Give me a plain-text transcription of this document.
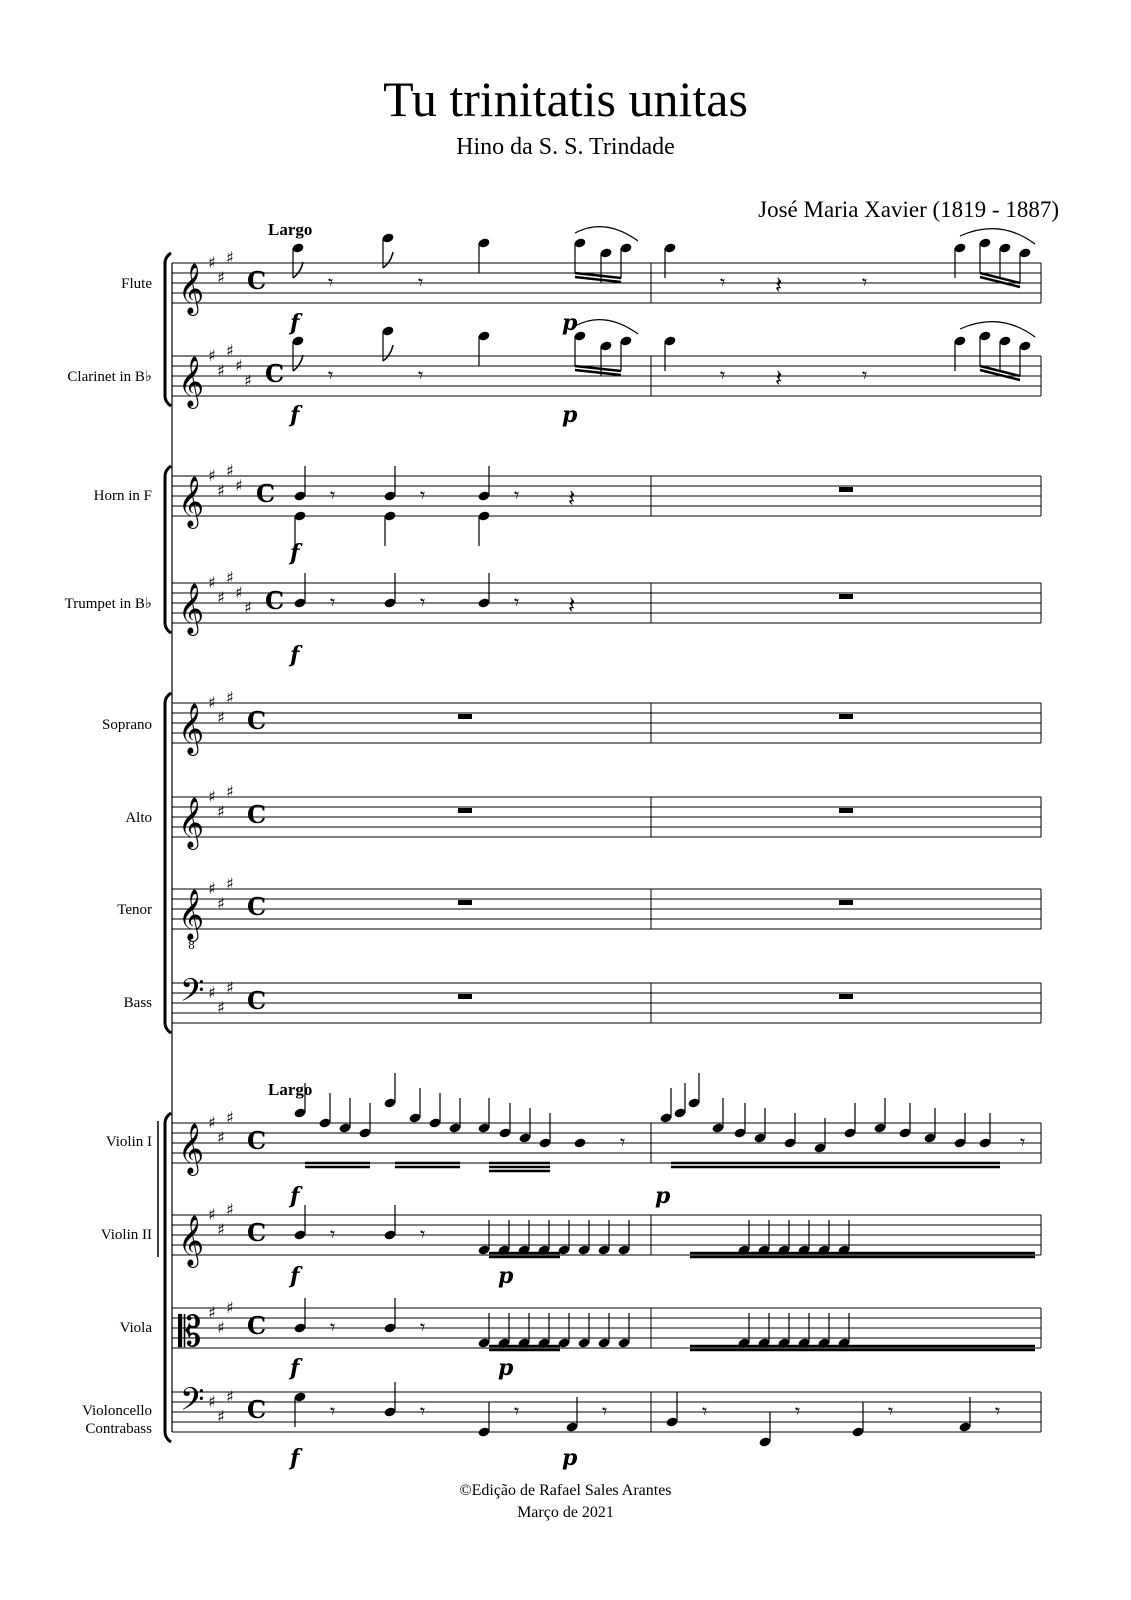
Tu trinitatis unitas
Hino da S. S. Trindade
José Maria Xavier (1819 - 1887)
Largo
Largo
Flute
Clarinet in B♭
Horn in F
Trumpet in B♭
Soprano
Alto
Tenor
Bass
Violin I
Violin II
Viola
Violoncello
Contrabass
𝄞
♯
♯
♯
C
𝄞
♯
♯
♯
♯
♯ C
𝄞
♯
♯
♯
♯ C
𝄞
♯
♯
♯
♯
♯ C
𝄞
♯
♯
♯
C
𝄞
♯
♯
♯
C
𝄞
8
♯
♯
♯
C
𝄢 ♯
♯
♯ C
𝄞
♯
♯
♯
C
𝄞
♯
♯
♯
C
𝄡 ♯
♯
♯
C
𝄢 ♯
♯
♯ C
𝄾	𝄾	𝄾 𝄽	𝄾
𝄾	𝄾	𝄾 𝄽	𝄾
𝄾	𝄾	𝄾 𝄽
𝄾	𝄾	𝄾 𝄽
𝄾	𝄾
𝄾	𝄾
𝄾	𝄾
𝄾	𝄾	𝄾	𝄾	𝄾	𝄾	𝄾	𝄾
f	p
f	p
f
f
f	p
f	p
f	p
f	p
©Edição de Rafael Sales Arantes
Março de 2021
